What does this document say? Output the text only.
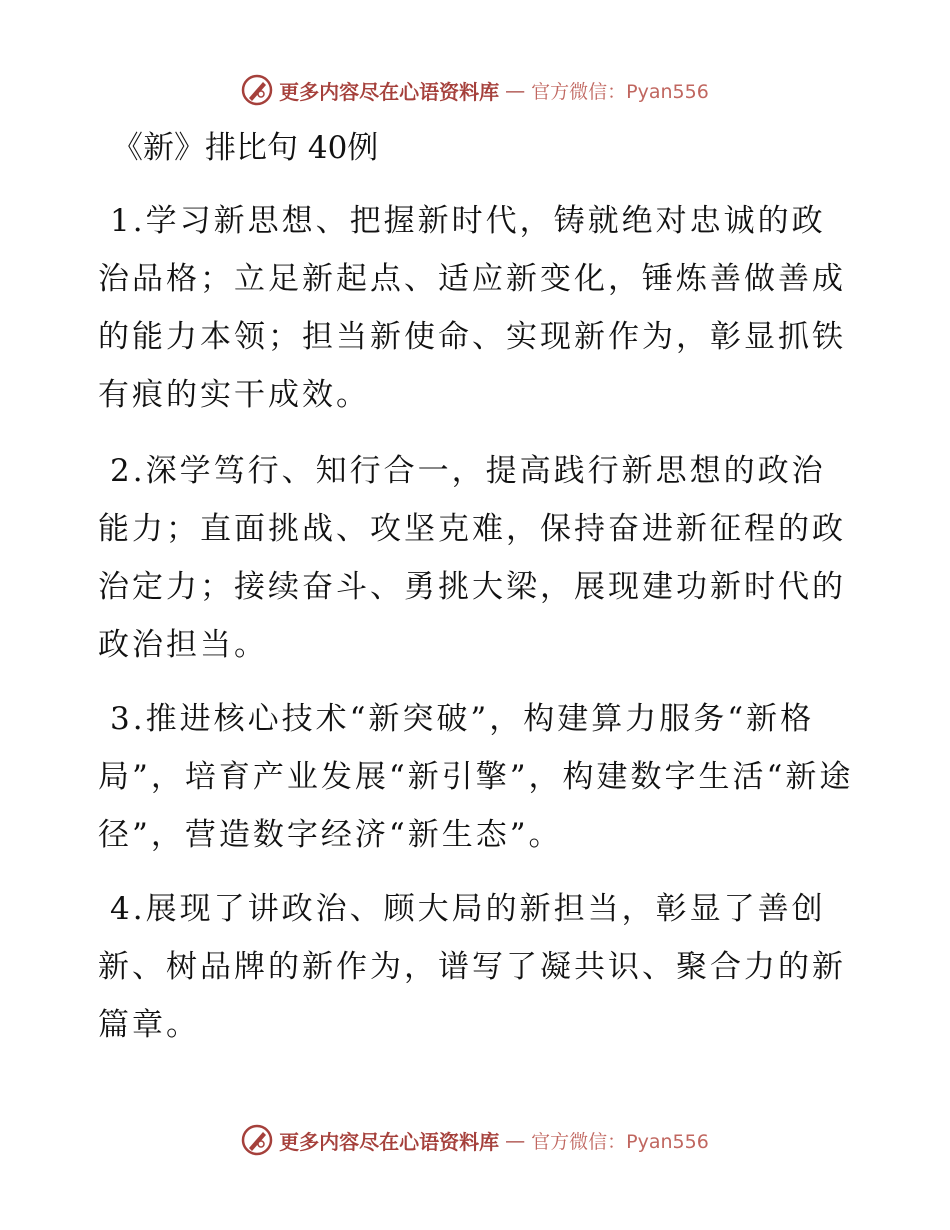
更多内容尽在心语资料库 — 官方微信：Pyan556
《新》排比句 40例

1.学习新思想、把握新时代，铸就绝对忠诚的政治品格；立足新起点、适应新变化，锤炼善做善成的能力本领；担当新使命、实现新作为，彰显抓铁有痕的实干成效。

2.深学笃行、知行合一，提高践行新思想的政治能力；直面挑战、攻坚克难，保持奋进新征程的政治定力；接续奋斗、勇挑大梁，展现建功新时代的政治担当。

3.推进核心技术“新突破”，构建算力服务“新格局”，培育产业发展“新引擎”，构建数字生活“新途径”，营造数字经济“新生态”。

4.展现了讲政治、顾大局的新担当，彰显了善创新、树品牌的新作为，谱写了凝共识、聚合力的新篇章。

更多内容尽在心语资料库 — 官方微信：Pyan556
